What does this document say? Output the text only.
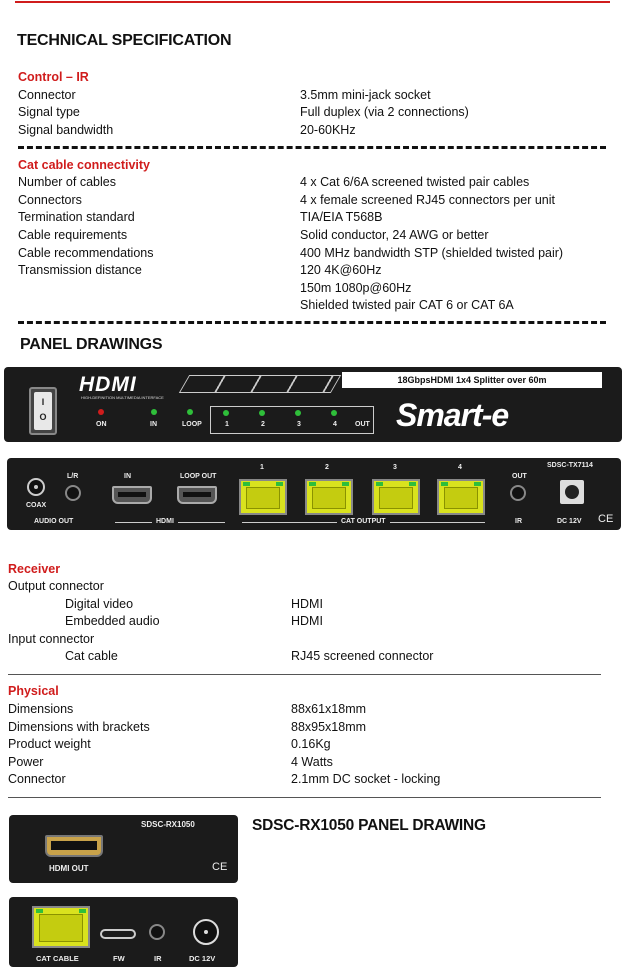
TECHNICAL SPECIFICATION
Control – IR
Connector	3.5mm mini-jack socket
Signal type	Full duplex (via 2 connections)
Signal bandwidth	20-60KHz
Cat cable connectivity
Number of cables	4 x Cat 6/6A screened twisted pair cables
Connectors	4 x female screened RJ45 connectors per unit
Termination standard	TIA/EIA T568B
Cable requirements	Solid conductor, 24 AWG or better
Cable recommendations	400 MHz bandwidth STP (shielded twisted pair)
Transmission distance	120 4K@60Hz
150m 1080p@60Hz
Shielded twisted pair CAT 6 or CAT 6A
PANEL DRAWINGS
I
O
HDMI
HIGH-DEFINITION MULTIMEDIA INTERFACE
18GbpsHDMI 1x4 Splitter over 60m
ON	IN	LOOP	1	2	3	4	OUT Smart-e
COAX
L/R
AUDIO OUT
IN	LOOP OUT
HDMI
1	2	3	4
CAT OUTPUT
OUT
IR
SDSC-TX7114
DC 12V CE
Receiver
Output connector
Digital video	HDMI
Embedded audio	HDMI
Input connector
Cat cable	RJ45 screened connector
Physical
Dimensions	88x61x18mm
Dimensions with brackets	88x95x18mm
Product weight	0.16Kg
Power	4 Watts
Connector	2.1mm DC socket - locking
SDSC-RX1050
HDMI OUT	CE
SDSC-RX1050 PANEL DRAWING
CAT CABLE	FW	IR	DC 12V
